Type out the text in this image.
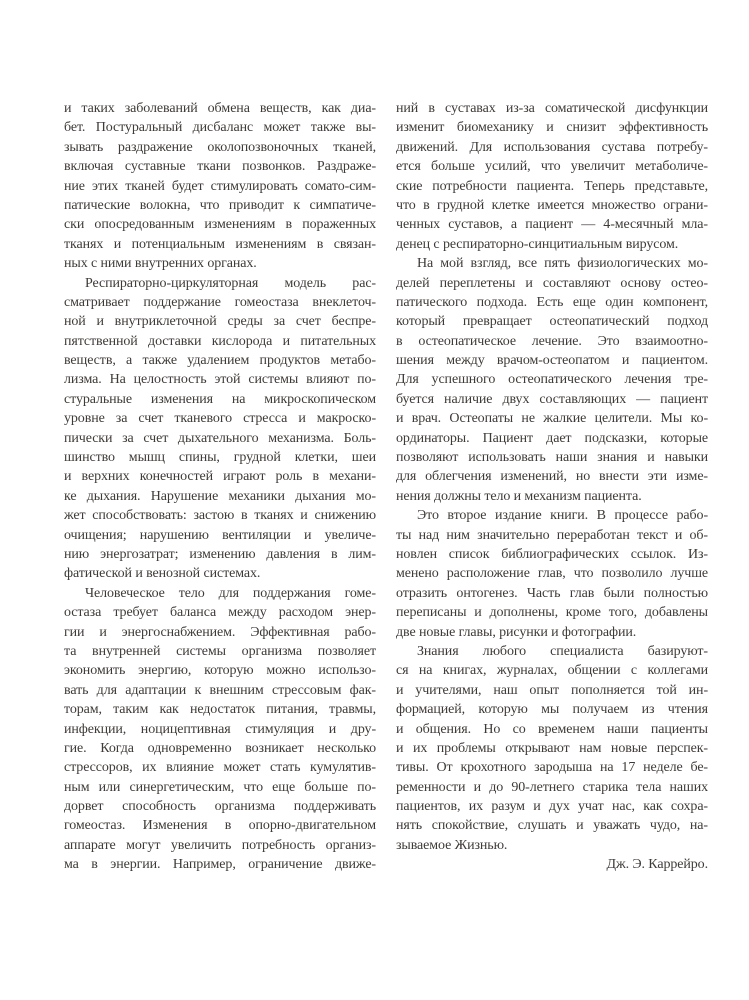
и таких заболеваний обмена веществ, как диа-
бет. Постуральный дисбаланс может также вы-
зывать раздражение околопозвоночных тканей,
включая суставные ткани позвонков. Раздраже-
ние этих тканей будет стимулировать сомато-сим-
патические волокна, что приводит к симпатиче-
ски опосредованным изменениям в пораженных
тканях и потенциальным изменениям в связан-
ных с ними внутренних органах.
Респираторно-циркуляторная модель рас-
сматривает поддержание гомеостаза внеклеточ-
ной и внутриклеточной среды за счет беспре-
пятственной доставки кислорода и питательных
веществ, а также удалением продуктов метабо-
лизма. На целостность этой системы влияют по-
стуральные изменения на микроскопическом
уровне за счет тканевого стресса и макроско-
пически за счет дыхательного механизма. Боль-
шинство мышц спины, грудной клетки, шеи
и верхних конечностей играют роль в механи-
ке дыхания. Нарушение механики дыхания мо-
жет способствовать: застою в тканях и снижению
очищения; нарушению вентиляции и увеличе-
нию энергозатрат; изменению давления в лим-
фатической и венозной системах.
Человеческое тело для поддержания гоме-
остаза требует баланса между расходом энер-
гии и энергоснабжением. Эффективная рабо-
та внутренней системы организма позволяет
экономить энергию, которую можно использо-
вать для адаптации к внешним стрессовым фак-
торам, таким как недостаток питания, травмы,
инфекции, ноцицептивная стимуляция и дру-
гие. Когда одновременно возникает несколько
стрессоров, их влияние может стать кумулятив-
ным или синергетическим, что еще больше по-
дорвет способность организма поддерживать
гомеостаз. Изменения в опорно-двигательном
аппарате могут увеличить потребность организ-
ма в энергии. Например, ограничение движе-
ний в суставах из-за соматической дисфункции
изменит биомеханику и снизит эффективность
движений. Для использования сустава потребу-
ется больше усилий, что увеличит метаболиче-
ские потребности пациента. Теперь представьте,
что в грудной клетке имеется множество ограни-
ченных суставов, а пациент — 4-месячный мла-
денец с респираторно-синцитиальным вирусом.
На мой взгляд, все пять физиологических мо-
делей переплетены и составляют основу остео-
патического подхода. Есть еще один компонент,
который превращает остеопатический подход
в остеопатическое лечение. Это взаимоотно-
шения между врачом-остеопатом и пациентом.
Для успешного остеопатического лечения тре-
буется наличие двух составляющих — пациент
и врач. Остеопаты не жалкие целители. Мы ко-
ординаторы. Пациент дает подсказки, которые
позволяют использовать наши знания и навыки
для облегчения изменений, но внести эти изме-
нения должны тело и механизм пациента.
Это второе издание книги. В процессе рабо-
ты над ним значительно переработан текст и об-
новлен список библиографических ссылок. Из-
менено расположение глав, что позволило лучше
отразить онтогенез. Часть глав были полностью
переписаны и дополнены, кроме того, добавлены
две новые главы, рисунки и фотографии.
Знания любого специалиста базируют-
ся на книгах, журналах, общении с коллегами
и учителями, наш опыт пополняется той ин-
формацией, которую мы получаем из чтения
и общения. Но со временем наши пациенты
и их проблемы открывают нам новые перспек-
тивы. От крохотного зародыша на 17 неделе бе-
ременности и до 90-летнего старика тела наших
пациентов, их разум и дух учат нас, как сохра-
нять спокойствие, слушать и уважать чудо, на-
зываемое Жизнью.
Дж. Э. Каррейро.
